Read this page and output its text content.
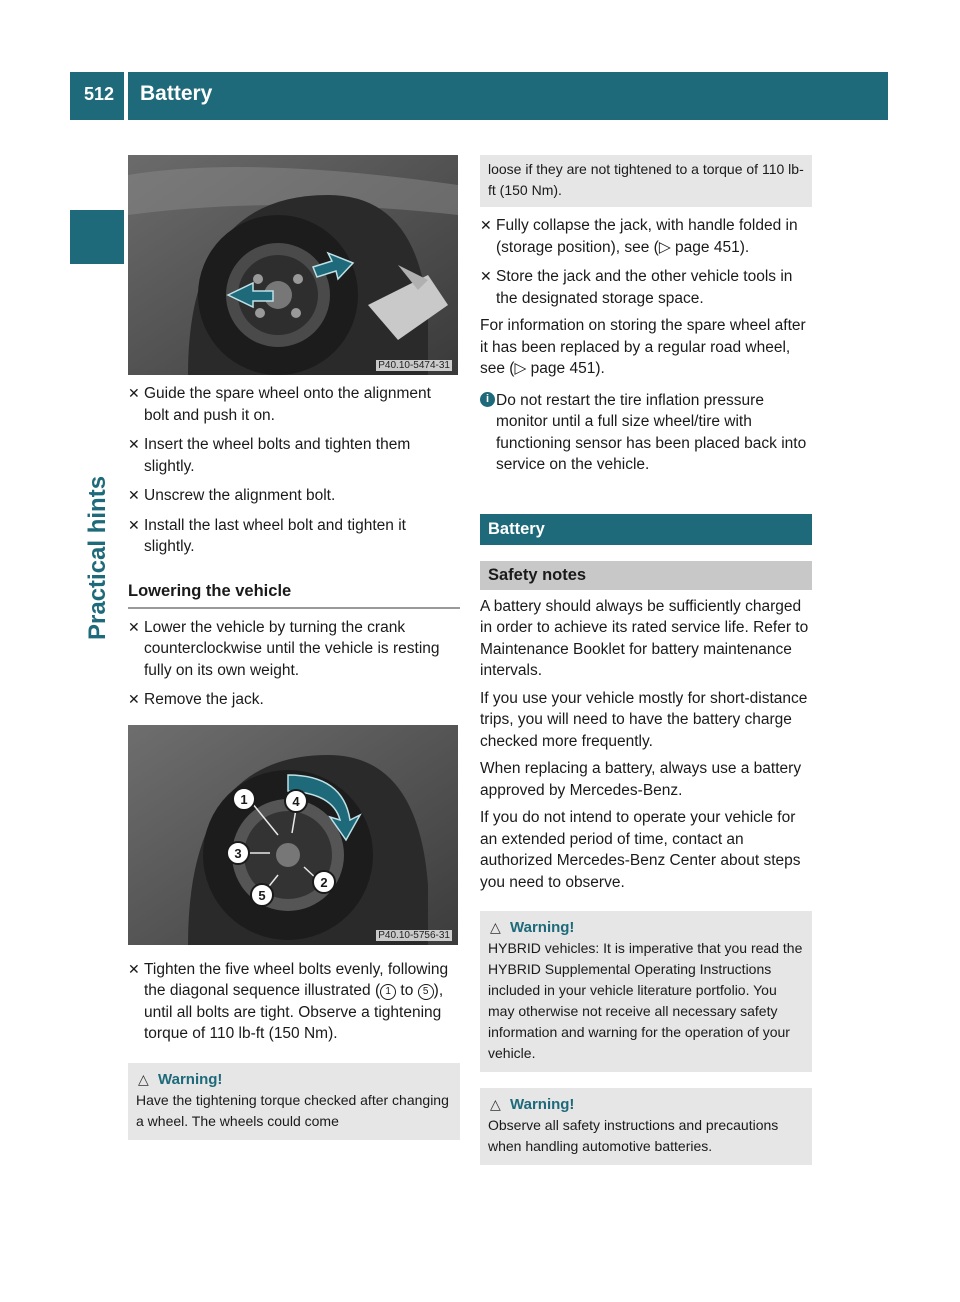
512 Battery
Practical hints
P40.10-5474-31
✕ Guide the spare wheel onto the alignment bolt and push it on.
✕ Insert the wheel bolts and tighten them slightly.
✕ Unscrew the alignment bolt.
✕ Install the last wheel bolt and tighten it slightly.
Lowering the vehicle
✕ Lower the vehicle by turning the crank counterclockwise until the vehicle is resting fully on its own weight.
✕ Remove the jack.
1	4
3
2
5
P40.10-5756-31
✕ Tighten the five wheel bolts evenly, following the diagonal sequence illustrated ( 1 to 5 ), until all bolts are tight. Observe a tightening torque of 110 lb-ft (150 Nm).
△ Warning!
Have the tightening torque checked after changing a wheel. The wheels could come
loose if they are not tightened to a torque of 110 lb-ft (150 Nm).
✕ Fully collapse the jack, with handle folded in (storage position), see (▷ page 451).
✕ Store the jack and the other vehicle tools in the designated storage space.

For information on storing the spare wheel after it has been replaced by a regular road wheel, see (▷ page 451).

i Do not restart the tire inflation pressure monitor until a full size wheel/tire with functioning sensor has been placed back into service on the vehicle.
Battery
Safety notes

A battery should always be sufficiently charged in order to achieve its rated service life. Refer to Maintenance Booklet for battery maintenance intervals.

If you use your vehicle mostly for short-distance trips, you will need to have the battery charge checked more frequently.

When replacing a battery, always use a battery approved by Mercedes-Benz.

If you do not intend to operate your vehicle for an extended period of time, contact an authorized Mercedes-Benz Center about steps you need to observe.

△ Warning!
HYBRID vehicles: It is imperative that you read the HYBRID Supplemental Operating Instructions included in your vehicle literature portfolio. You may otherwise not receive all necessary safety information and warning for the operation of your vehicle.
△ Warning!
Observe all safety instructions and precautions when handling automotive batteries.
